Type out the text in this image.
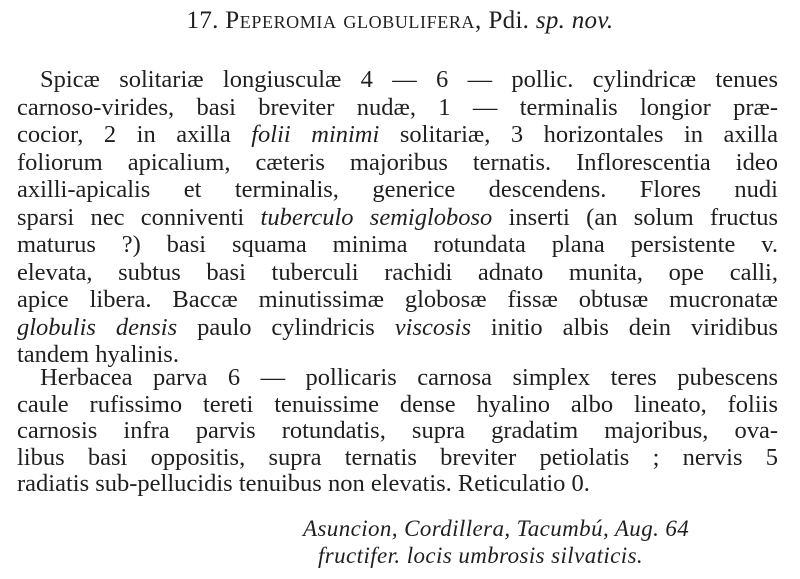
17. Peperomia globulifera, Pdi. sp. nov.
Spicæ solitariæ longiusculæ 4 — 6 — pollic. cylindricæ tenues
carnoso-virides, basi breviter nudæ, 1 — terminalis longior præ-
cocior, 2 in axilla folii minimi solitariæ, 3 horizontales in axilla
foliorum apicalium, cæteris majoribus ternatis. Inflorescentia ideo
axilli-apicalis et terminalis, generice descendens. Flores nudi
sparsi nec conniventi tuberculo semigloboso inserti (an solum fructus
maturus ?) basi squama minima rotundata plana persistente v.
elevata, subtus basi tuberculi rachidi adnato munita, ope calli,
apice libera. Baccæ minutissimæ globosæ fissæ obtusæ mucronatæ
globulis densis paulo cylindricis viscosis initio albis dein viridibus
tandem hyalinis.
Herbacea parva 6 — pollicaris carnosa simplex teres pubescens
caule rufissimo tereti tenuissime dense hyalino albo lineato, foliis
carnosis infra parvis rotundatis, supra gradatim majoribus, ova-
libus basi oppositis, supra ternatis breviter petiolatis ; nervis 5
radiatis sub-pellucidis tenuibus non elevatis. Reticulatio 0.
Asuncion, Cordillera, Tacumbú, Aug. 64
fructifer. locis umbrosis silvaticis.
